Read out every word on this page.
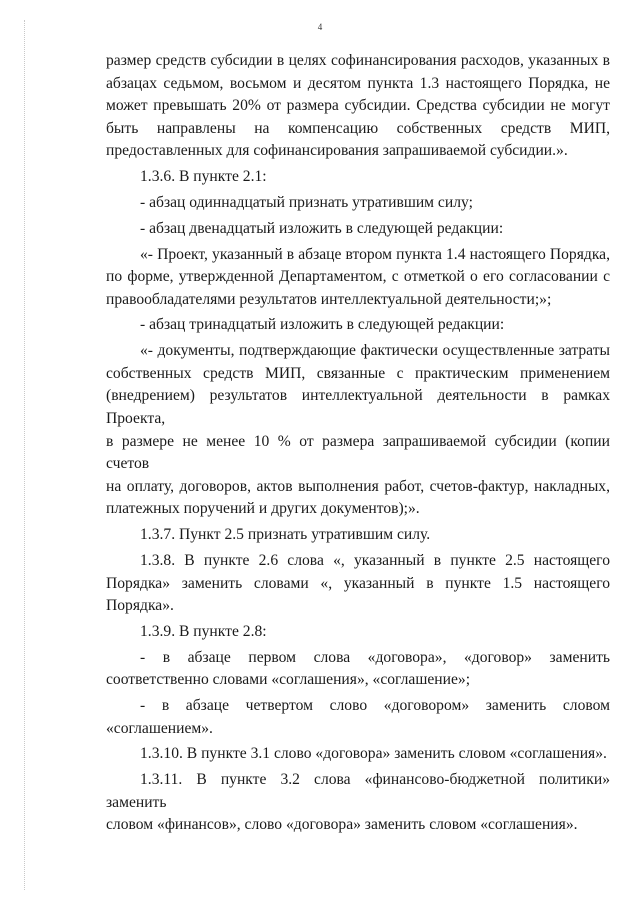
4
размер средств субсидии в целях софинансирования расходов, указанных в
абзацах седьмом, восьмом и десятом пункта 1.3 настоящего Порядка, не
может превышать 20% от размера субсидии. Средства субсидии не могут
быть направлены на компенсацию собственных средств МИП,
предоставленных для софинансирования запрашиваемой субсидии.».
1.3.6. В пункте 2.1:
- абзац одиннадцатый признать утратившим силу;
- абзац двенадцатый изложить в следующей редакции:
«- Проект, указанный в абзаце втором пункта 1.4 настоящего Порядка,
по форме, утвержденной Департаментом, с отметкой о его согласовании с
правообладателями результатов интеллектуальной деятельности;»;
- абзац тринадцатый изложить в следующей редакции:
«- документы, подтверждающие фактически осуществленные затраты
собственных средств МИП, связанные с практическим применением
(внедрением) результатов интеллектуальной деятельности в рамках Проекта,
в размере не менее 10 % от размера запрашиваемой субсидии (копии счетов
на оплату, договоров, актов выполнения работ, счетов-фактур, накладных,
платежных поручений и других документов);».
1.3.7. Пункт 2.5 признать утратившим силу.
1.3.8. В пункте 2.6 слова «, указанный в пункте 2.5 настоящего
Порядка» заменить словами «, указанный в пункте 1.5 настоящего Порядка».
1.3.9. В пункте 2.8:
- в абзаце первом слова «договора», «договор» заменить
соответственно словами «соглашения», «соглашение»;
- в абзаце четвертом слово «договором» заменить словом
«соглашением».
1.3.10. В пункте 3.1 слово «договора» заменить словом «соглашения».
1.3.11. В пункте 3.2 слова «финансово-бюджетной политики» заменить
словом «финансов», слово «договора» заменить словом «соглашения».
